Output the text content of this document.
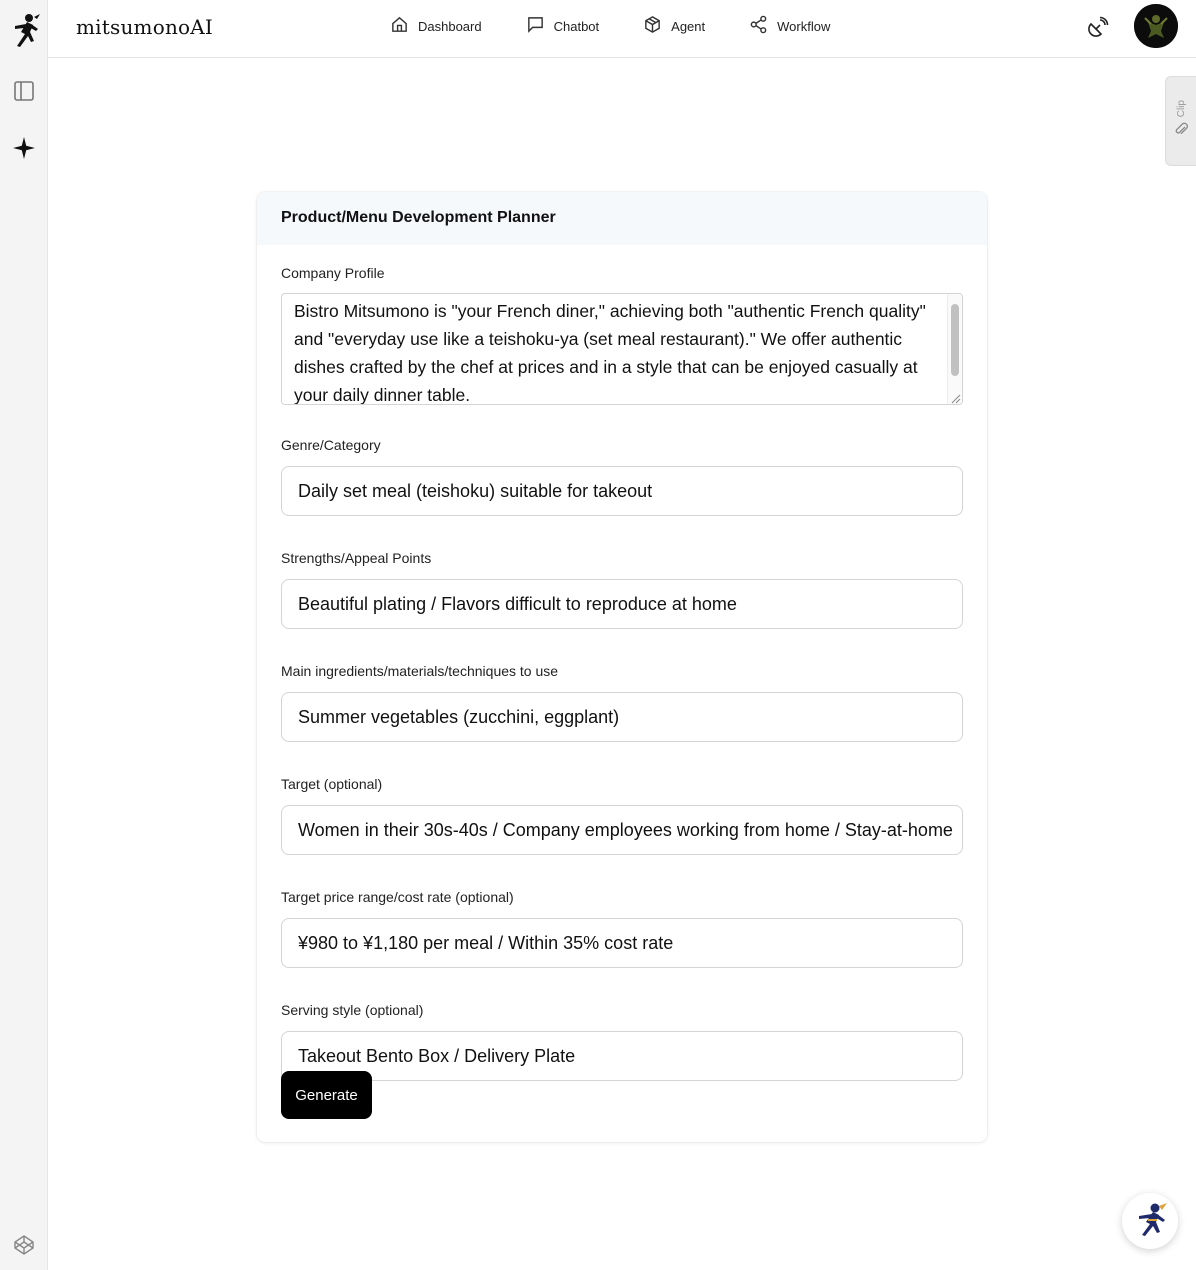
mitsumonoAI	Dashboard	Chatbot	Agent	Workflow
Clip
Product/Menu Development Planner
Company Profile
Bistro Mitsumono is "your French diner," achieving both "authentic French quality" and "everyday use like a teishoku-ya (set meal restaurant)." We offer authentic dishes crafted by the chef at prices and in a style that can be enjoyed casually at your daily dinner table.
Genre/Category
Daily set meal (teishoku) suitable for takeout
Strengths/Appeal Points
Beautiful plating / Flavors difficult to reproduce at home
Main ingredients/materials/techniques to use
Summer vegetables (zucchini, eggplant)
Target (optional)
Women in their 30s-40s / Company employees working from home / Stay-at-home
Target price range/cost rate (optional)
¥980 to ¥1,180 per meal / Within 35% cost rate
Serving style (optional)
Takeout Bento Box / Delivery Plate
Generate
